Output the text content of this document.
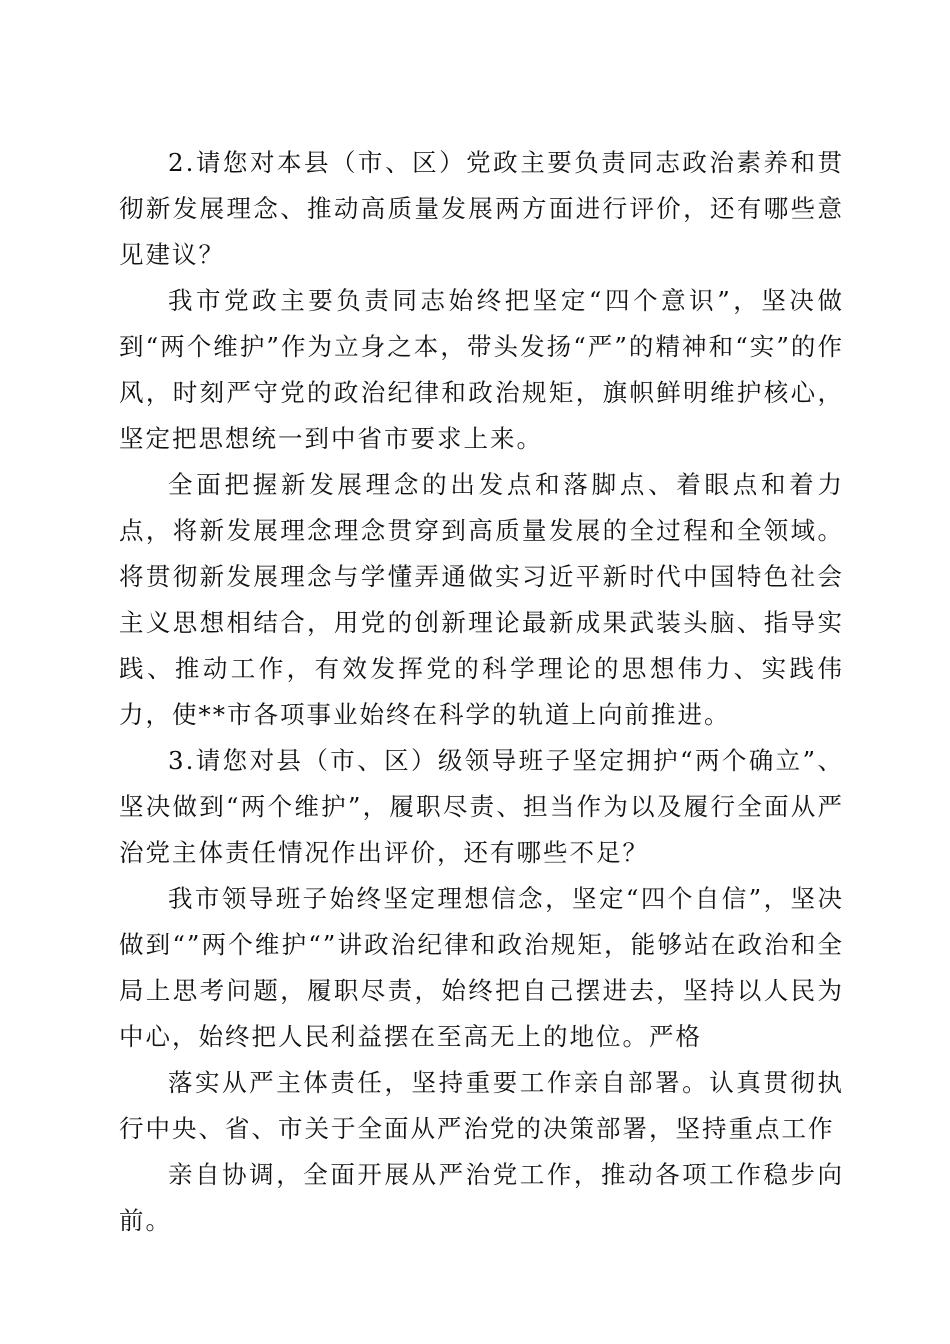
2.请您对本县（市、区）党政主要负责同志政治素养和贯彻新发展理念、推动高质量发展两方面进行评价，还有哪些意见建议？

我市党政主要负责同志始终把坚定“四个意识”，坚决做到“两个维护”作为立身之本，带头发扬“严”的精神和“实”的作风，时刻严守党的政治纪律和政治规矩，旗帜鲜明维护核心，坚定把思想统一到中省市要求上来。

全面把握新发展理念的出发点和落脚点、着眼点和着力点，将新发展理念理念贯穿到高质量发展的全过程和全领域。将贯彻新发展理念与学懂弄通做实习近平新时代中国特色社会主义思想相结合，用党的创新理论最新成果武装头脑、指导实践、推动工作，有效发挥党的科学理论的思想伟力、实践伟力，使**市各项事业始终在科学的轨道上向前推进。

3.请您对县（市、区）级领导班子坚定拥护“两个确立”、坚决做到“两个维护”，履职尽责、担当作为以及履行全面从严治党主体责任情况作出评价，还有哪些不足？

我市领导班子始终坚定理想信念，坚定“四个自信”，坚决做到“”两个维护“”讲政治纪律和政治规矩，能够站在政治和全局上思考问题，履职尽责，始终把自己摆进去，坚持以人民为中心，始终把人民利益摆在至高无上的地位。严格

落实从严主体责任，坚持重要工作亲自部署。认真贯彻执行中央、省、市关于全面从严治党的决策部署，坚持重点工作

亲自协调，全面开展从严治党工作，推动各项工作稳步向前。
